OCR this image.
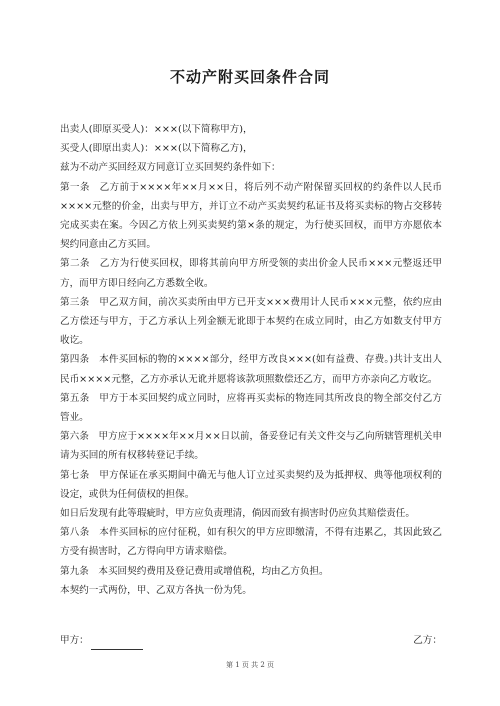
不动产附买回条件合同

出卖人(即原买受人)：×××(以下简称甲方)，

买受人(即原出卖人)：×××(以下简称乙方)，

兹为不动产买回经双方同意订立买回契约条件如下：

第一条　乙方前于××××年××月××日，将后列不动产附保留买回权的约条件以人民币××××元整的价金，出卖与甲方，并订立不动产买卖契约私证书及将买卖标的物占交移转完成买卖在案。今因乙方依上列买卖契约第×条的规定，为行使买回权，而甲方亦愿依本契约同意由乙方买回。

第二条　乙方为行使买回权，即将其前向甲方所受领的卖出价金人民币×××元整返还甲方，而甲方即日经向乙方悉数全收。

第三条　甲乙双方间，前次买卖所由甲方已开支×××费用计人民币×××元整，依约应由乙方偿还与甲方，于乙方承认上列金额无讹即于本契约在成立同时，由乙方如数支付甲方收讫。

第四条　本件买回标的物的××××部分，经甲方改良×××(如有益费、存费。)共计支出人民币××××元整，乙方亦承认无讹并愿将该款项照数偿还乙方，而甲方亦亲向乙方收讫。

第五条　甲方于本买回契约成立同时，应将再买卖标的物连同其所改良的物全部交付乙方管业。

第六条　甲方应于××××年××月××日以前，备妥登记有关文件交与乙向所辖管理机关申请为买回的所有权移转登记手续。

第七条　甲方保证在承买期间中确无与他人订立过买卖契约及为抵押权、典等他项权利的设定，或供为任何债权的担保。

如日后发现有此等瑕疵时，甲方应负责理清，倘因而致有损害时仍应负其赔偿责任。

第八条　本件买回标的应付征税，如有积欠的甲方应即缴清，不得有违累乙，其因此致乙方受有损害时，乙方得向甲方请求赔偿。

第九条　本买回契约费用及登记费用或增值税，均由乙方负担。

本契约一式两份，甲、乙双方各执一份为凭。

甲方：	乙方：
第 1 页 共 2 页
